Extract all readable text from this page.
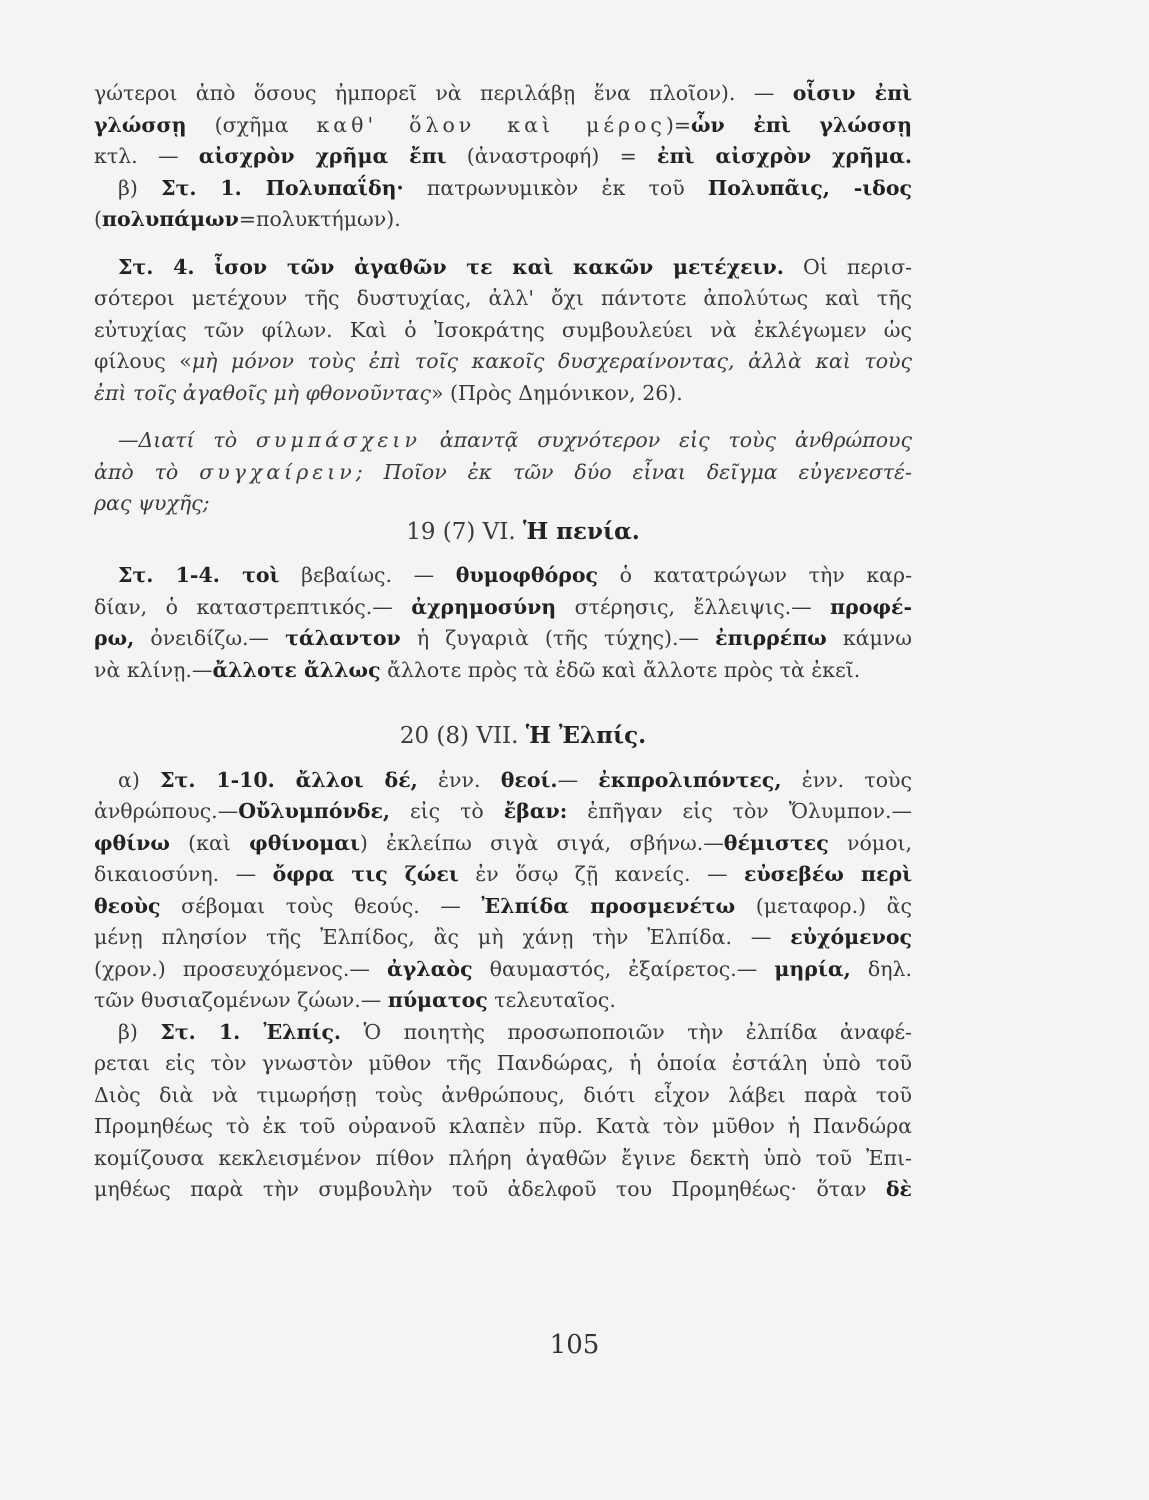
γώτεροι ἀπὸ ὅσους ἠμπορεῖ νὰ περιλάβῃ ἕνα πλοῖον). — οἷσιν ἐπὶ
γλώσσῃ (σχῆμα καθ' ὅλον καὶ μέρος)=ὧν ἐπὶ γλώσσῃ
κτλ. — αἰσχρὸν χρῆμα ἔπι (ἀναστροφή) = ἐπὶ αἰσχρὸν χρῆμα.
β) Στ. 1. Πολυπαΐδη· πατρωνυμικὸν ἐκ τοῦ Πολυπᾶις, -ιδος
(πολυπάμων=πολυκτήμων).
Στ. 4. ἶσον τῶν ἀγαθῶν τε καὶ κακῶν μετέχειν. Οἱ περισ-
σότεροι μετέχουν τῆς δυστυχίας, ἀλλ' ὄχι πάντοτε ἀπολύτως καὶ τῆς
εὐτυχίας τῶν φίλων. Καὶ ὁ Ἰσοκράτης συμβουλεύει νὰ ἐκλέγωμεν ὡς
φίλους «μὴ μόνον τοὺς ἐπὶ τοῖς κακοῖς δυσχεραίνοντας, ἀλλὰ καὶ τοὺς
ἐπὶ τοῖς ἀγαθοῖς μὴ φθονοῦντας» (Πρὸς Δημόνικον, 26).
—Διατί τὸ συμπάσχειν ἀπαντᾷ συχνότερον εἰς τοὺς ἀνθρώπους
ἀπὸ τὸ συγχαίρειν; Ποῖον ἐκ τῶν δύο εἶναι δεῖγμα εὐγενεστέ-
ρας ψυχῆς;
19 (7) VI. Ἡ πενία.
Στ. 1-4. τοὶ βεβαίως. — θυμοφθόρος ὁ κατατρώγων τὴν καρ-
δίαν, ὁ καταστρεπτικός.— ἀχρημοσύνη στέρησις, ἔλλειψις.— προφέ-
ρω, ὀνειδίζω.— τάλαντον ἡ ζυγαριὰ (τῆς τύχης).— ἐπιρρέπω κάμνω
νὰ κλίνῃ.—ἄλλοτε ἄλλως ἄλλοτε πρὸς τὰ ἐδῶ καὶ ἄλλοτε πρὸς τὰ ἐκεῖ.
20 (8) VII. Ἡ Ἐλπίς.
α) Στ. 1-10. ἄλλοι δέ, ἐνν. θεοί.— ἐκπρολιπόντες, ἐνν. τοὺς
ἀνθρώπους.—Οὔλυμπόνδε, εἰς τὸ ἔβαν: ἐπῆγαν εἰς τὸν Ὄλυμπον.—
φθίνω (καὶ φθίνομαι) ἐκλείπω σιγὰ σιγά, σβήνω.—θέμιστες νόμοι,
δικαιοσύνη. — ὄφρα τις ζώει ἐν ὅσῳ ζῇ κανείς. — εὐσεβέω περὶ
θεοὺς σέβομαι τοὺς θεούς. — Ἐλπίδα προσμενέτω (μεταφορ.) ἂς
μένῃ πλησίον τῆς Ἐλπίδος, ἂς μὴ χάνῃ τὴν Ἐλπίδα. — εὐχόμενος
(χρον.) προσευχόμενος.— ἀγλαὸς θαυμαστός, ἐξαίρετος.— μηρία, δηλ.
τῶν θυσιαζομένων ζώων.— πύματος τελευταῖος.
β) Στ. 1. Ἐλπίς. Ὁ ποιητὴς προσωποποιῶν τὴν ἐλπίδα ἀναφέ-
ρεται εἰς τὸν γνωστὸν μῦθον τῆς Πανδώρας, ἡ ὁποία ἐστάλη ὑπὸ τοῦ
Διὸς διὰ νὰ τιμωρήσῃ τοὺς ἀνθρώπους, διότι εἶχον λάβει παρὰ τοῦ
Προμηθέως τὸ ἐκ τοῦ οὐρανοῦ κλαπὲν πῦρ. Κατὰ τὸν μῦθον ἡ Πανδώρα
κομίζουσα κεκλεισμένον πίθον πλήρη ἀγαθῶν ἔγινε δεκτὴ ὑπὸ τοῦ Ἐπι-
μηθέως παρὰ τὴν συμβουλὴν τοῦ ἀδελφοῦ του Προμηθέως· ὅταν δὲ
105
